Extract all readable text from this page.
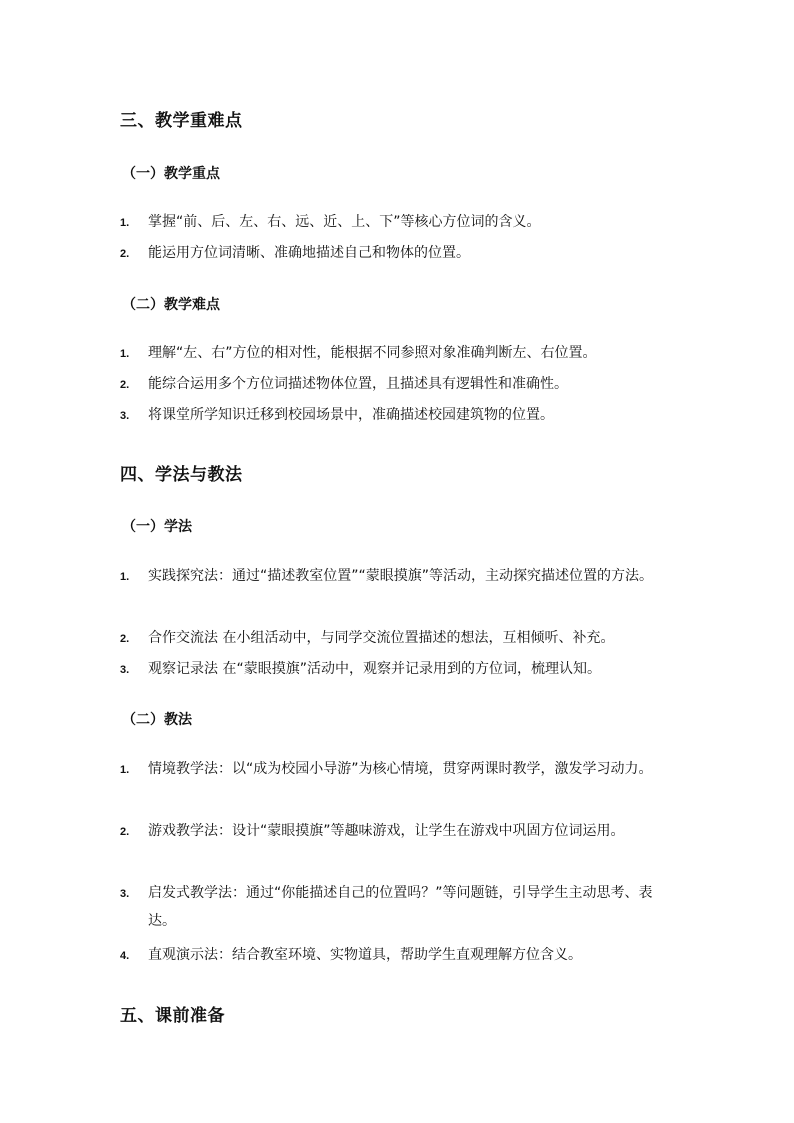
三、教学重难点
（一）教学重点
1. 掌握“前、后、左、右、远、近、上、下”等核心方位词的含义。
2. 能运用方位词清晰、准确地描述自己和物体的位置。
（二）教学难点
1. 理解“左、右”方位的相对性，能根据不同参照对象准确判断左、右位置。
2. 能综合运用多个方位词描述物体位置，且描述具有逻辑性和准确性。
3. 将课堂所学知识迁移到校园场景中，准确描述校园建筑物的位置。
四、学法与教法
（一）学法
1. 实践探究法：通过“描述教室位置”“蒙眼摸旗”等活动，主动探究描述位置的方法。
2. 合作交流法 在小组活动中，与同学交流位置描述的想法，互相倾听、补充。
3. 观察记录法 在“蒙眼摸旗”活动中，观察并记录用到的方位词，梳理认知。
（二）教法
1. 情境教学法：以“成为校园小导游”为核心情境，贯穿两课时教学，激发学习动力。
2. 游戏教学法：设计“蒙眼摸旗”等趣味游戏，让学生在游戏中巩固方位词运用。
3. 启发式教学法：通过“你能描述自己的位置吗？”等问题链，引导学生主动思考、表达。
4. 直观演示法：结合教室环境、实物道具，帮助学生直观理解方位含义。
五、课前准备
